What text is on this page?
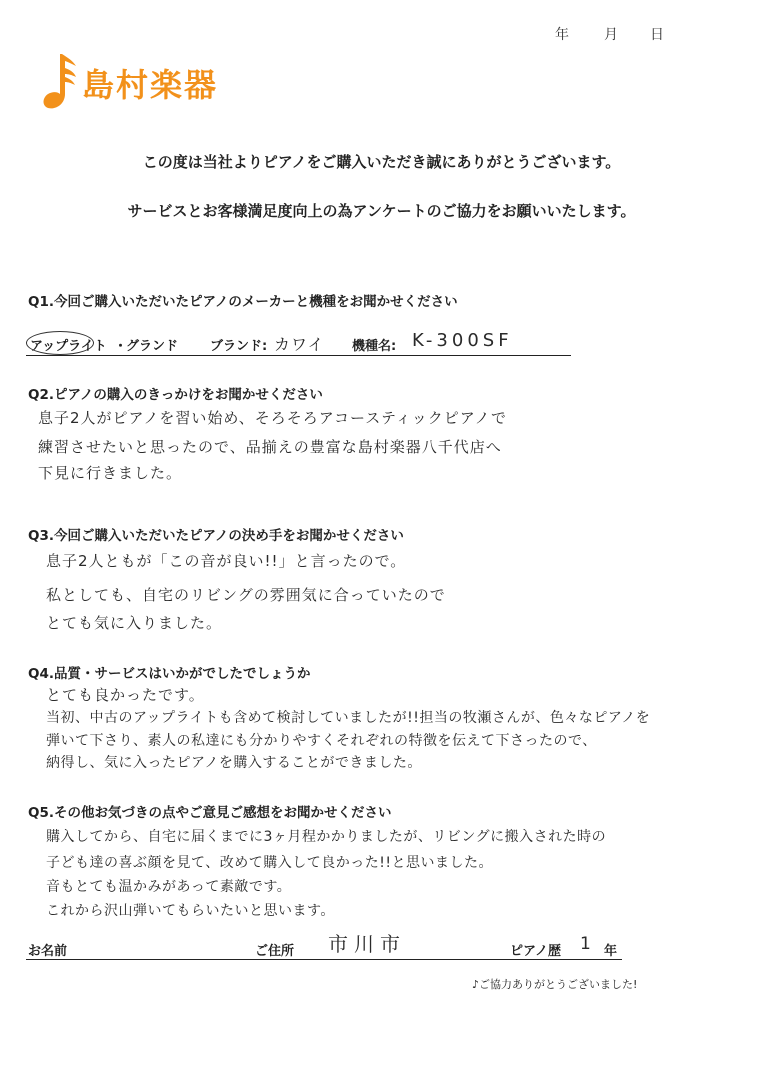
年	月 日
島村楽器
この度は当社よりピアノをご購入いただき誠にありがとうございます。
サービスとお客様満足度向上の為アンケートのご協力をお願いいたします。
Q1.今回ご購入いただいたピアノのメーカーと機種をお聞かせください
アップライト ・
グランド ブランド: カワイ 機種名: K-300SF
Q2.ピアノの購入のきっかけをお聞かせください
息子2人がピアノを習い始め、そろそろアコースティックピアノで
練習させたいと思ったので、品揃えの豊富な島村楽器八千代店へ
下見に行きました。
Q3.今回ご購入いただいたピアノの決め手をお聞かせください
息子2人ともが「この音が良い!!」と言ったので。
私としても、自宅のリビングの雰囲気に合っていたので
とても気に入りました。
Q4.品質・サービスはいかがでしたでしょうか
とても良かったです。
当初、中古のアップライトも含めて検討していましたが!!担当の牧瀬さんが、色々なピアノを
弾いて下さり、素人の私達にも分かりやすくそれぞれの特徴を伝えて下さったので、
納得し、気に入ったピアノを購入することができました。
Q5.その他お気づきの点やご意見ご感想をお聞かせください
購入してから、自宅に届くまでに3ヶ月程かかりましたが、リビングに搬入された時の
子ども達の喜ぶ顔を見て、改めて購入して良かった!!と思いました。
音もとても温かみがあって素敵です。
これから沢山弾いてもらいたいと思います。
お名前	ご住所 市川市	ピアノ歴 1 年
♪ご協力ありがとうございました!
